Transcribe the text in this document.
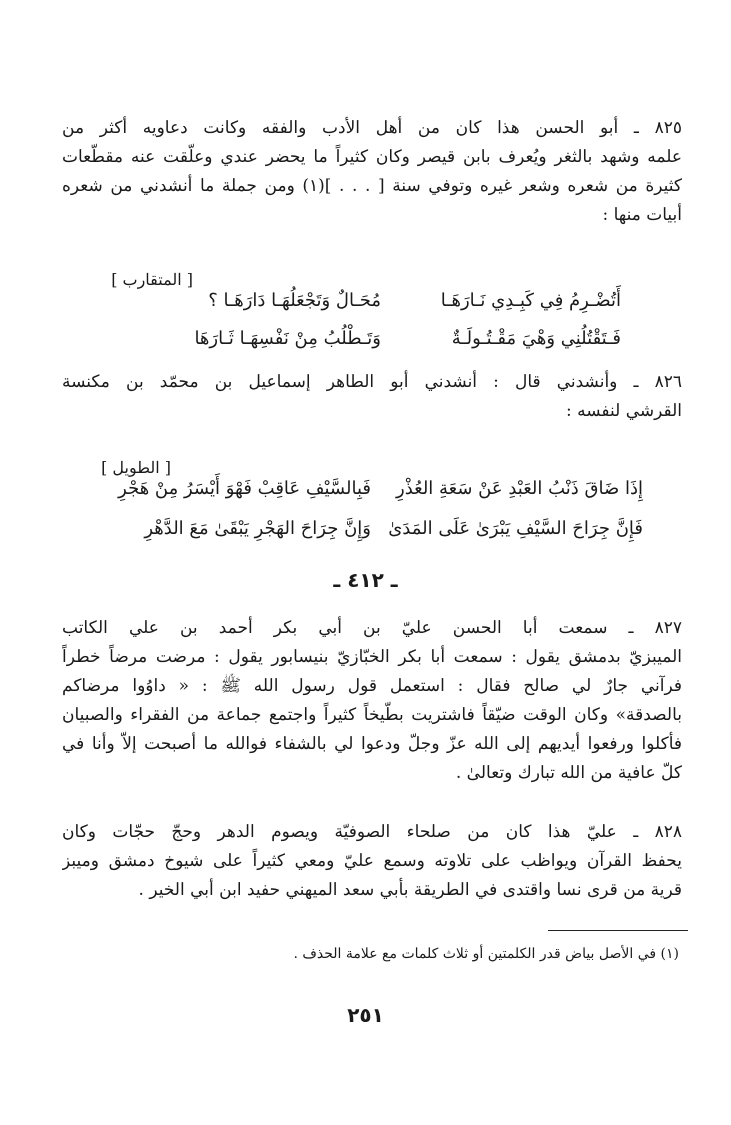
٨٢٥ ـ أبو الحسن هذا كان من أهل الأدب والفقه وكانت دعاويه أكثر من
علمه وشهد بالثغر ويُعرف بابن قيصر وكان كثيراً ما يحضر عندي وعلّقت عنه مقطّعات
كثيرة من شعره وشعر غيره وتوفي سنة [ . . . ](١) ومن جملة ما أنشدني من شعره
أبيات منها :
[ المتقارب ]
أَتُضْـرِمُ فِي كَبِـدِي نَـارَهَـا
مُحَـالٌ وَتَجْعَلُهَـا دَارَهَـا ؟
فَـتَقْتُلُنِي وَهْيَ مَقْـتُـولَـةٌ
وَتَـطْلُبُ مِنْ نَفْسِهَـا ثَـارَهَا
٨٢٦ ـ وأنشدني قال : أنشدني أبو الطاهر إسماعيل بن محمّد بن مكنسة
القرشي لنفسه :
[ الطويل ]
إِذَا ضَاقَ ذَنْبُ العَبْدِ عَنْ سَعَةِ العُذْرِ
فَبِالسَّيْفِ عَاقِبْ فَهْوَ أَيْسَرُ مِنْ هَجْرِ
فَإِنَّ جِرَاحَ السَّيْفِ يَبْرَىٰ عَلَى المَدَىٰ
وَإِنَّ جِرَاحَ الهَجْرِ يَبْقَىٰ مَعَ الدَّهْرِ
ـ ٤١٢ ـ
٨٢٧ ـ سمعت أبا الحسن عليّ بن أبي بكر أحمد بن علي الكاتب
الميبزيّ بدمشق يقول : سمعت أبا بكر الخبّازيّ بنيسابور يقول : مرضت مرضاً خطراً
فرآني جارٌ لي صالح فقال : استعمل قول رسول الله ﷺ : « داوُوا مرضاكم
بالصدقة» وكان الوقت ضيّقاً فاشتريت بطّيخاً كثيراً واجتمع جماعة من الفقراء والصبيان
فأكلوا ورفعوا أيديهم إلى الله عزّ وجلّ ودعوا لي بالشفاء فوالله ما أصبحت إلاّ وأنا في
كلّ عافية من الله تبارك وتعالىٰ .
٨٢٨ ـ عليّ هذا كان من صلحاء الصوفيّة ويصوم الدهر وحجّ حجّات وكان
يحفظ القرآن ويواظب على تلاوته وسمع عليّ ومعي كثيراً على شيوخ دمشق وميبز
قرية من قرى نسا واقتدى في الطريقة بأبي سعد الميهني حفيد ابن أبي الخير .
(١) في الأصل بياض قدر الكلمتين أو ثلاث كلمات مع علامة الحذف .
٢٥١
